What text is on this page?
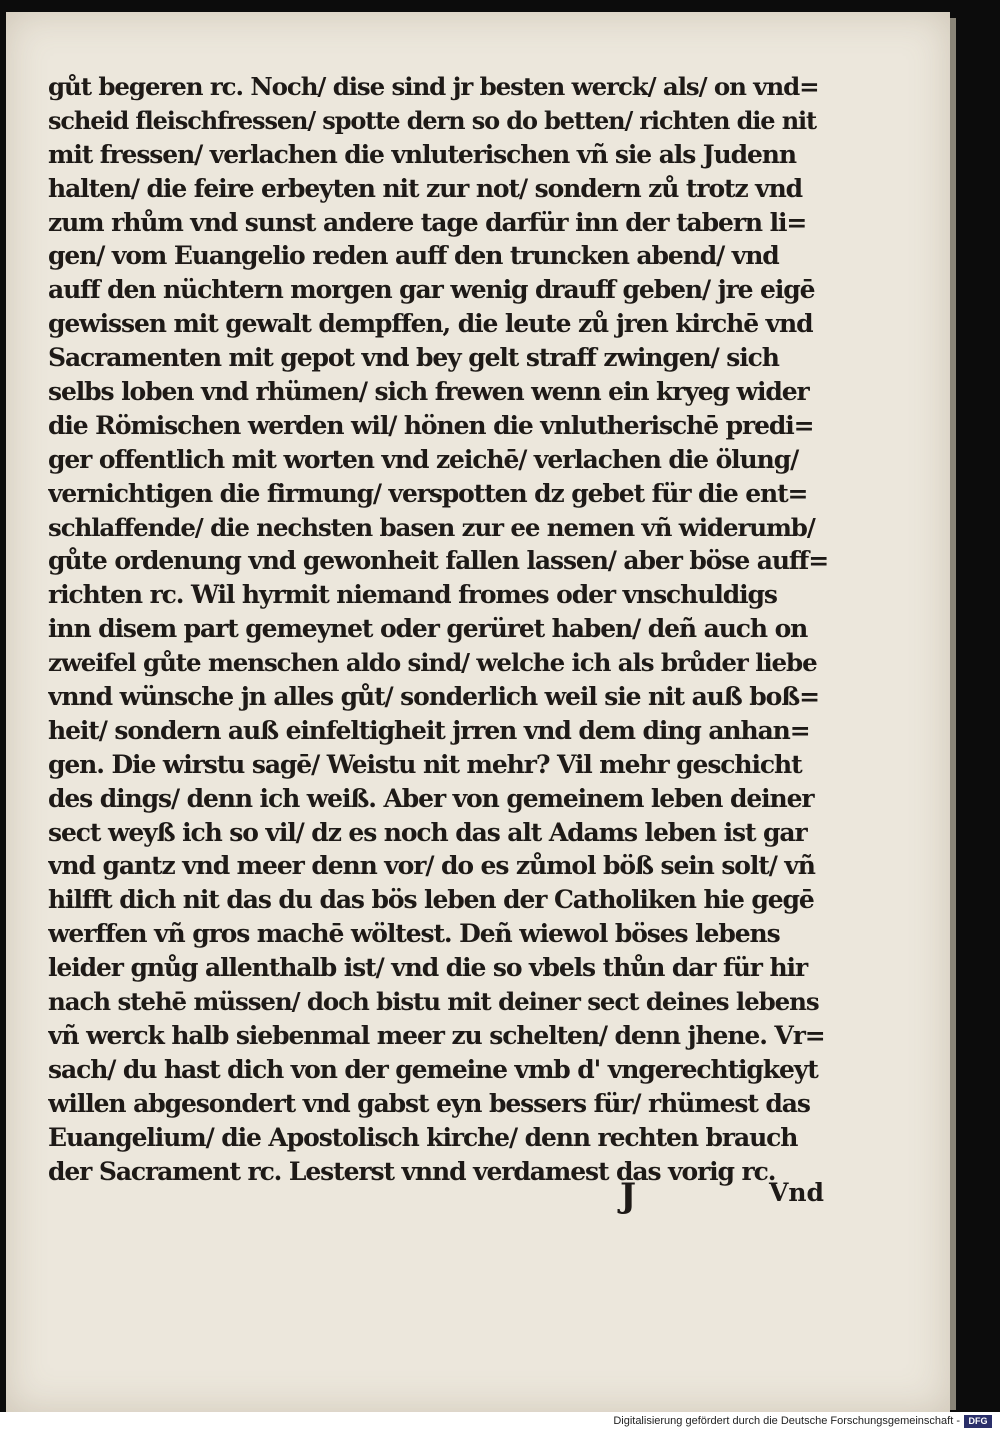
gůt begeren rc. Noch/ dise sind jr besten werck/ als/ on vnd=
scheid fleischfressen/ spotte dern so do betten/ richten die nit
mit fressen/ verlachen die vnluterischen vñ sie als Judenn
halten/ die feire erbeyten nit zur not/ sondern zů trotz vnd
zum rhům vnd sunst andere tage darfür inn der tabern li=
gen/ vom Euangelio reden auff den truncken abend/ vnd
auff den nüchtern morgen gar wenig drauff geben/ jre eigē
gewissen mit gewalt dempffen, die leute zů jren kirchē vnd
Sacramenten mit gepot vnd bey gelt straff zwingen/ sich
selbs loben vnd rhümen/ sich frewen wenn ein kryeg wider
die Römischen werden wil/ hönen die vnlutherischē predi=
ger offentlich mit worten vnd zeichē/ verlachen die ölung/
vernichtigen die firmung/ verspotten dz gebet für die ent=
schlaffende/ die nechsten basen zur ee nemen vñ widerumb/
gůte ordenung vnd gewonheit fallen lassen/ aber böse auff=
richten rc. Wil hyrmit niemand fromes oder vnschuldigs
inn disem part gemeynet oder gerüret haben/ deñ auch on
zweifel gůte menschen aldo sind/ welche ich als brůder liebe
vnnd wünsche jn alles gůt/ sonderlich weil sie nit auß boß=
heit/ sondern auß einfeltigheit jrren vnd dem ding anhan=
gen. Die wirstu sagē/ Weistu nit mehr? Vil mehr geschicht
des dings/ denn ich weiß. Aber von gemeinem leben deiner
sect weyß ich so vil/ dz es noch das alt Adams leben ist gar
vnd gantz vnd meer denn vor/ do es zůmol böß sein solt/ vñ
hilfft dich nit das du das bös leben der Catholiken hie gegē
werffen vñ gros machē wöltest. Deñ wiewol böses lebens
leider gnůg allenthalb ist/ vnd die so vbels thůn dar für hir
nach stehē müssen/ doch bistu mit deiner sect deines lebens
vñ werck halb siebenmal meer zu schelten/ denn jhene. Vr=
sach/ du hast dich von der gemeine vmb d' vngerechtigkeyt
willen abgesondert vnd gabst eyn bessers für/ rhümest das
Euangelium/ die Apostolisch kirche/ denn rechten brauch
der Sacrament rc. Lesterst vnnd verdamest das vorig rc.
J	Vnd
Digitalisierung gefördert durch die Deutsche Forschungsgemeinschaft - DFG
